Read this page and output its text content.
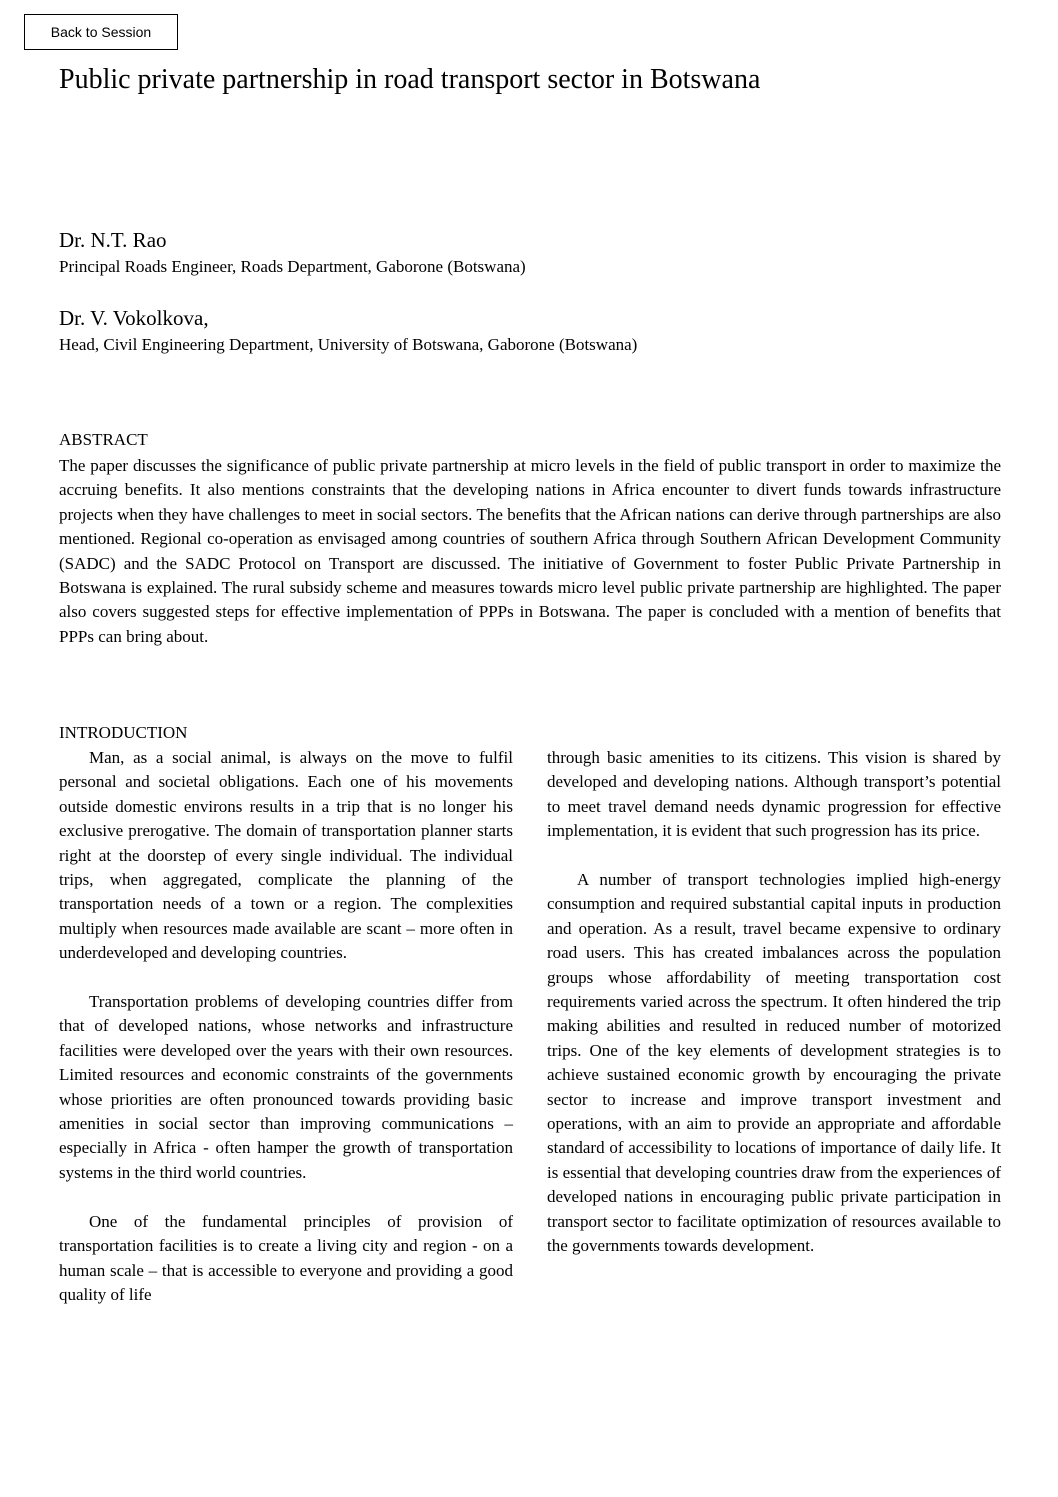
Back to Session
Public private partnership in road transport sector in Botswana
Dr. N.T. Rao
Principal Roads Engineer, Roads Department, Gaborone (Botswana)
Dr. V. Vokolkova,
Head, Civil Engineering Department, University of Botswana, Gaborone (Botswana)
ABSTRACT

The paper discusses the significance of public private partnership at micro levels in the field of public transport in order to maximize the accruing benefits. It also mentions constraints that the developing nations in Africa encounter to divert funds towards infrastructure projects when they have challenges to meet in social sectors. The benefits that the African nations can derive through partnerships are also mentioned. Regional co-operation as envisaged among countries of southern Africa through Southern African Development Community (SADC) and the SADC Protocol on Transport are discussed. The initiative of Government to foster Public Private Partnership in Botswana is explained. The rural subsidy scheme and measures towards micro level public private partnership are highlighted. The paper also covers suggested steps for effective implementation of PPPs in Botswana. The paper is concluded with a mention of benefits that PPPs can bring about.

INTRODUCTION

Man, as a social animal, is always on the move to fulfil personal and societal obligations. Each one of his movements outside domestic environs results in a trip that is no longer his exclusive prerogative. The domain of transportation planner starts right at the doorstep of every single individual. The individual trips, when aggregated, complicate the planning of the transportation needs of a town or a region. The complexities multiply when resources made available are scant – more often in underdeveloped and developing countries.

Transportation problems of developing countries differ from that of developed nations, whose networks and infrastructure facilities were developed over the years with their own resources. Limited resources and economic constraints of the governments whose priorities are often pronounced towards providing basic amenities in social sector than improving communications – especially in Africa - often hamper the growth of transportation systems in the third world countries.

One of the fundamental principles of provision of transportation facilities is to create a living city and region - on a human scale – that is accessible to everyone and providing a good quality of life

through basic amenities to its citizens. This vision is shared by developed and developing nations. Although transport’s potential to meet travel demand needs dynamic progression for effective implementation, it is evident that such progression has its price.

A number of transport technologies implied high-energy consumption and required substantial capital inputs in production and operation. As a result, travel became expensive to ordinary road users. This has created imbalances across the population groups whose affordability of meeting transportation cost requirements varied across the spectrum. It often hindered the trip making abilities and resulted in reduced number of motorized trips. One of the key elements of development strategies is to achieve sustained economic growth by encouraging the private sector to increase and improve transport investment and operations, with an aim to provide an appropriate and affordable standard of accessibility to locations of importance of daily life. It is essential that developing countries draw from the experiences of developed nations in encouraging public private participation in transport sector to facilitate optimization of resources available to the governments towards development.
